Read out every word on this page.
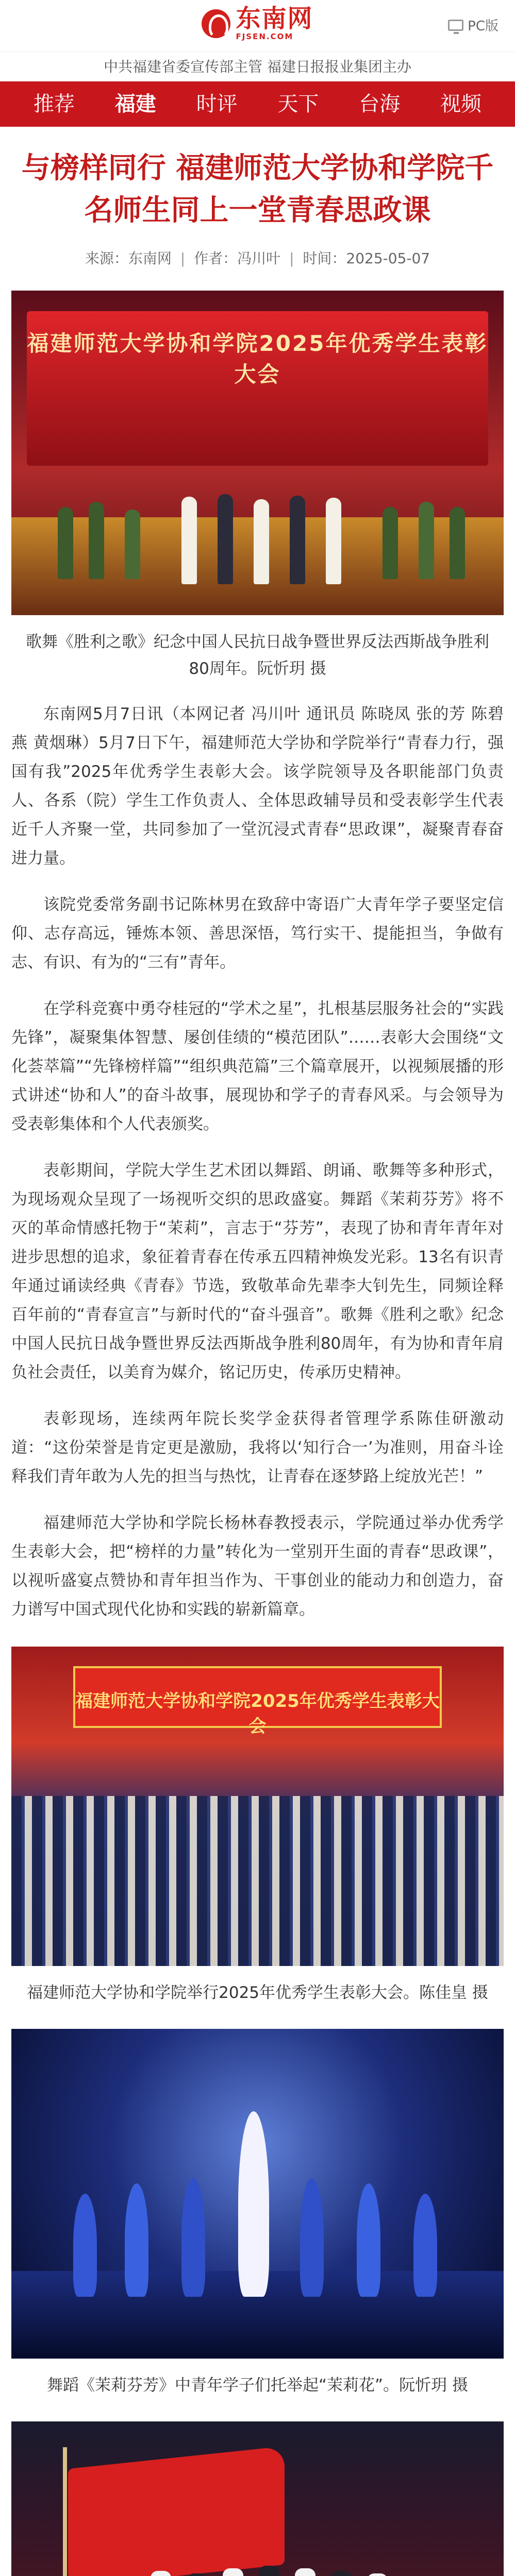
东南网
FJSEN.COM
PC版
中共福建省委宣传部主管 福建日报报业集团主办
推荐	福建	时评	天下	台海	视频
与榜样同行 福建师范大学协和学院千名师生同上一堂青春思政课
来源：东南网 | 作者：冯川叶 | 时间：2025-05-07
福建师范大学协和学院2025年优秀学生表彰大会

歌舞《胜利之歌》纪念中国人民抗日战争暨世界反法西斯战争胜利80周年。阮忻玥 摄

东南网5月7日讯（本网记者 冯川叶 通讯员 陈晓凤 张的芳 陈碧燕 黄烟琳）5月7日下午，福建师范大学协和学院举行“青春力行，强国有我”2025年优秀学生表彰大会。该学院领导及各职能部门负责人、各系（院）学生工作负责人、全体思政辅导员和受表彰学生代表近千人齐聚一堂，共同参加了一堂沉浸式青春“思政课”，凝聚青春奋进力量。

该院党委常务副书记陈林男在致辞中寄语广大青年学子要坚定信仰、志存高远，锤炼本领、善思深悟，笃行实干、提能担当，争做有志、有识、有为的“三有”青年。

在学科竞赛中勇夺桂冠的“学术之星”，扎根基层服务社会的“实践先锋”，凝聚集体智慧、屡创佳绩的“模范团队”……表彰大会围绕“文化荟萃篇”“先锋榜样篇”“组织典范篇”三个篇章展开，以视频展播的形式讲述“协和人”的奋斗故事，展现协和学子的青春风采。与会领导为受表彰集体和个人代表颁奖。

表彰期间，学院大学生艺术团以舞蹈、朗诵、歌舞等多种形式，为现场观众呈现了一场视听交织的思政盛宴。舞蹈《茉莉芬芳》将不灭的革命情感托物于“茉莉”，言志于“芬芳”，表现了协和青年青年对进步思想的追求，象征着青春在传承五四精神焕发光彩。13名有识青年通过诵读经典《青春》节选，致敬革命先辈李大钊先生，同频诠释百年前的“青春宣言”与新时代的“奋斗强音”。歌舞《胜利之歌》纪念中国人民抗日战争暨世界反法西斯战争胜利80周年，有为协和青年肩负社会责任，以美育为媒介，铭记历史，传承历史精神。

表彰现场，连续两年院长奖学金获得者管理学系陈佳研激动道：“这份荣誉是肯定更是激励，我将以‘知行合一’为准则，用奋斗诠释我们青年敢为人先的担当与热忱，让青春在逐梦路上绽放光芒！”

福建师范大学协和学院长杨林春教授表示，学院通过举办优秀学生表彰大会，把“榜样的力量”转化为一堂别开生面的青春“思政课”，以视听盛宴点赞协和青年担当作为、干事创业的能动力和创造力，奋力谱写中国式现代化协和实践的崭新篇章。

福建师范大学协和学院2025年优秀学生表彰大会

福建师范大学协和学院举行2025年优秀学生表彰大会。陈佳皇 摄

舞蹈《茉莉芬芳》中青年学子们托举起“茉莉花”。阮忻玥 摄
